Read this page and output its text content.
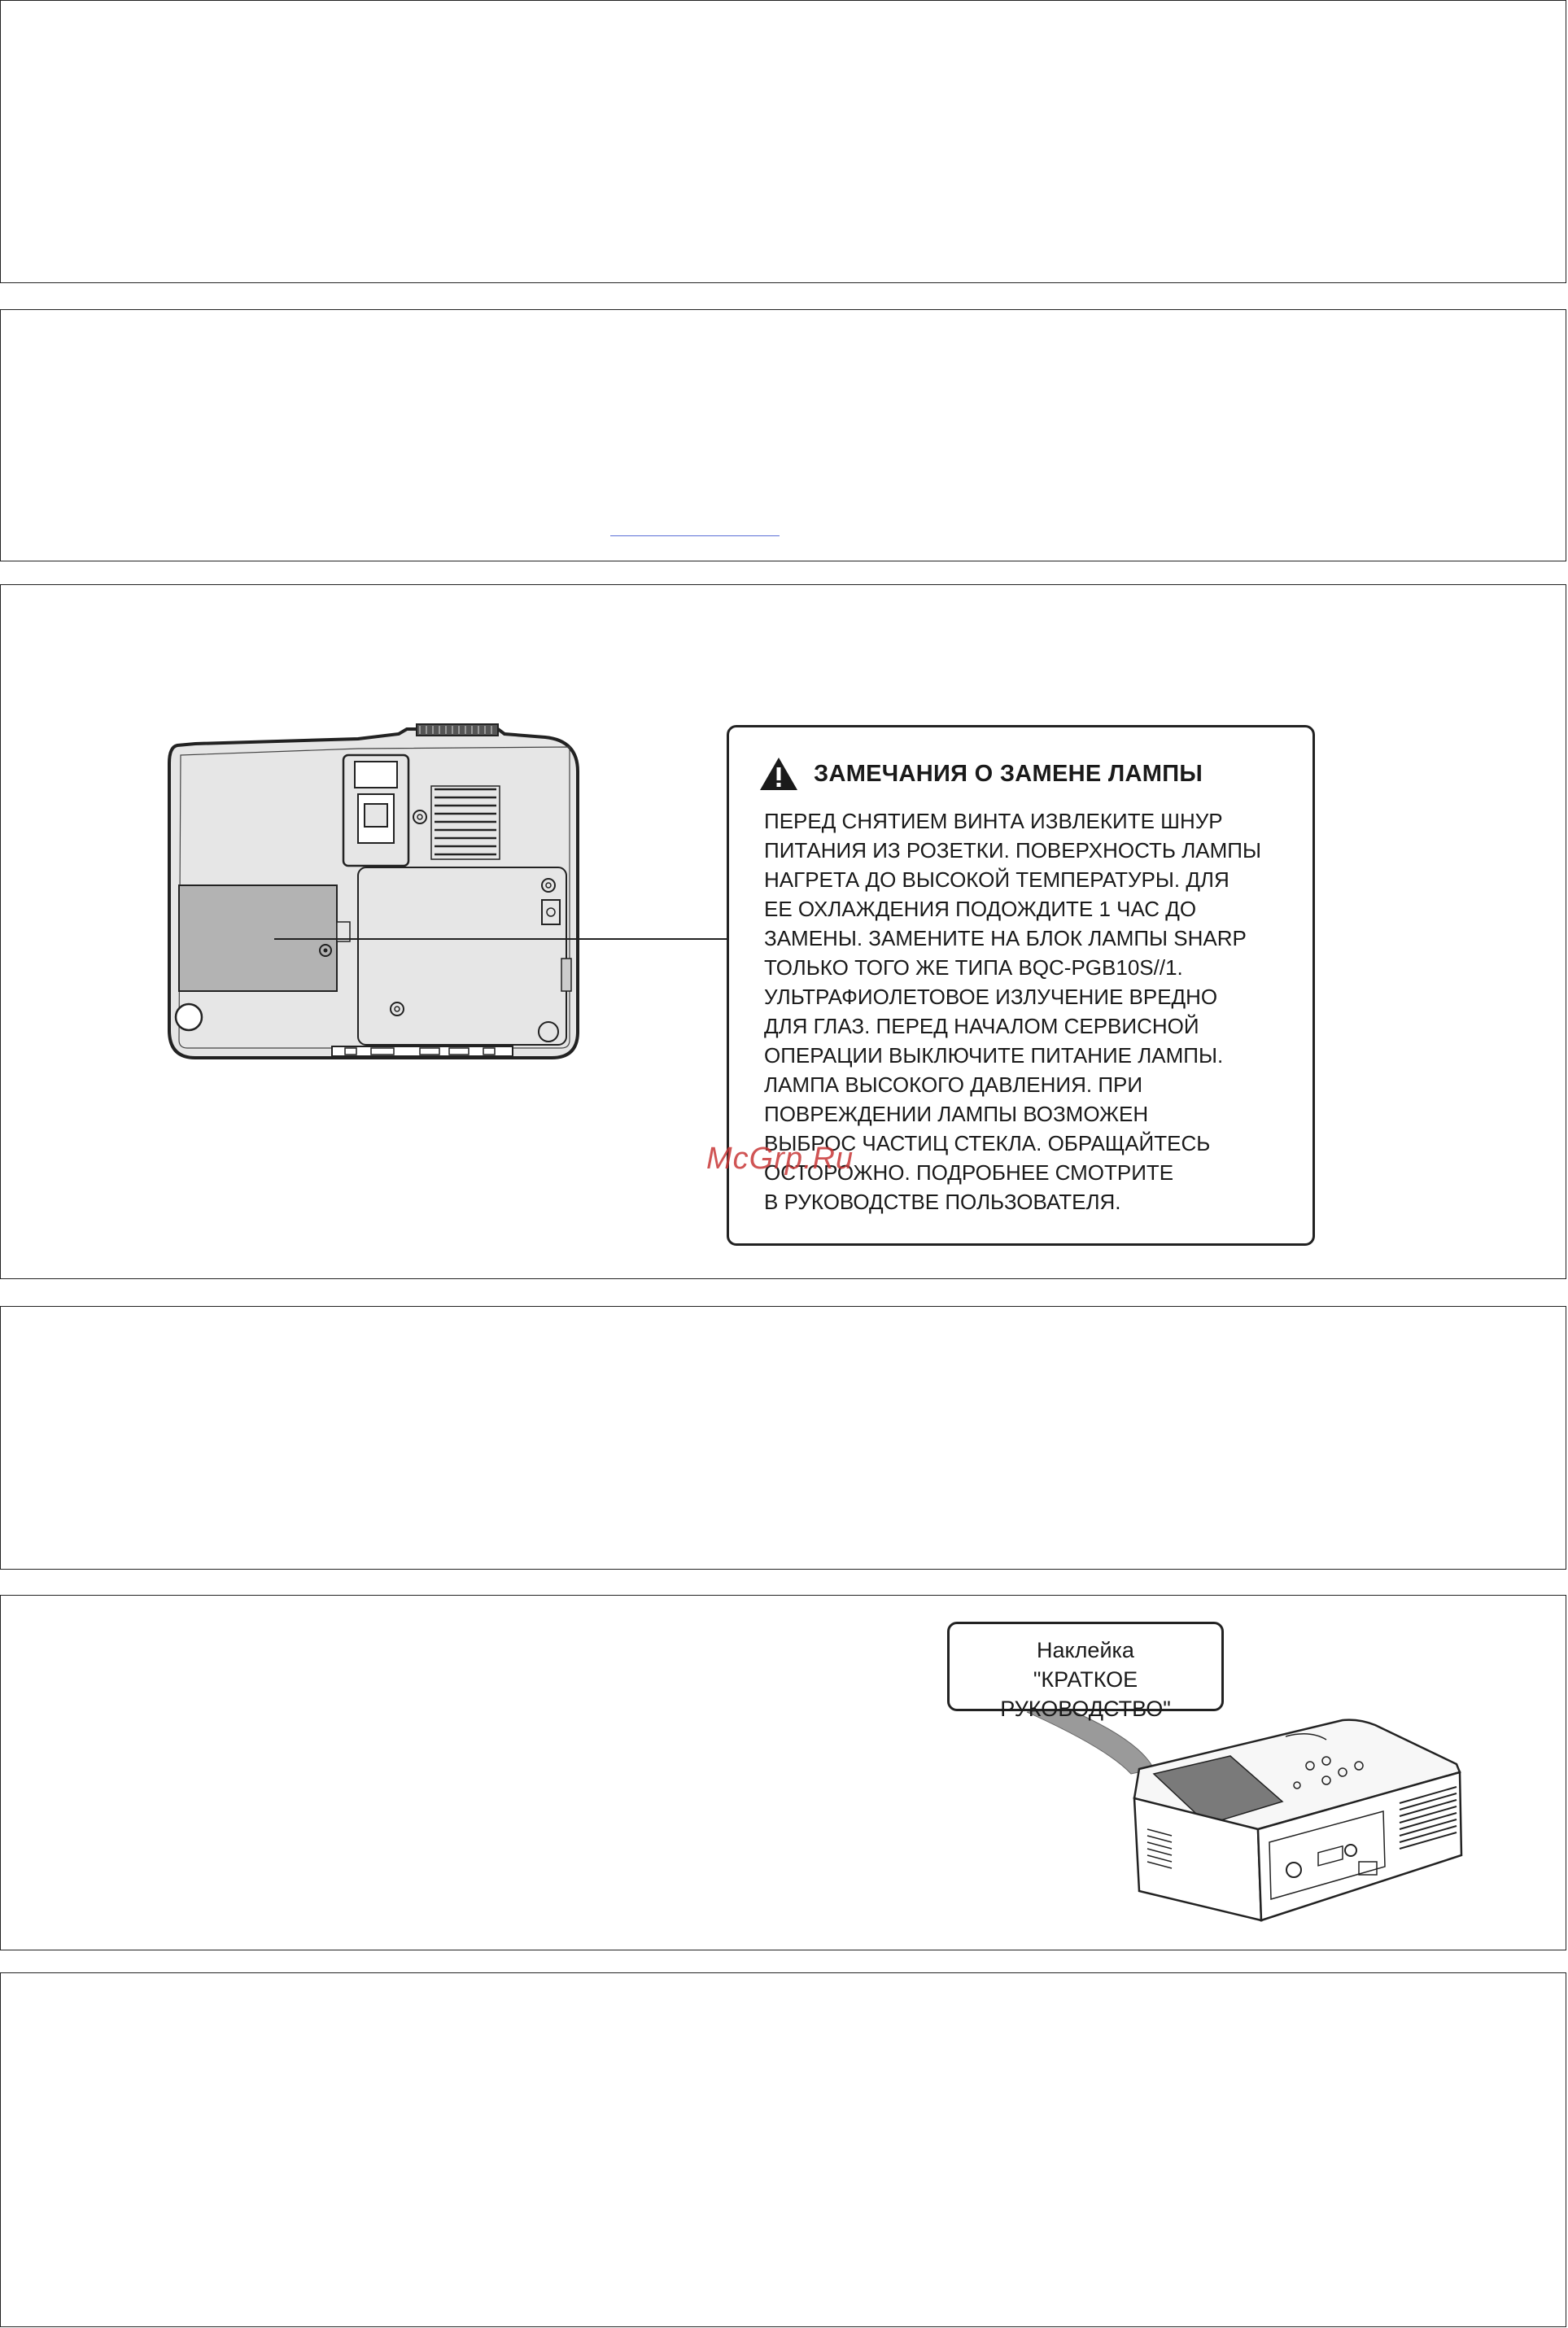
ЗАМЕЧАНИЯ О ЗАМЕНЕ ЛАМПЫ
ПЕРЕД СНЯТИЕМ ВИНТА ИЗВЛЕКИТЕ ШНУР
ПИТАНИЯ ИЗ РОЗЕТКИ. ПОВЕРХНОСТЬ ЛАМПЫ
НАГРЕТА ДО ВЫСОКОЙ ТЕМПЕРАТУРЫ. ДЛЯ
ЕЕ ОХЛАЖДЕНИЯ ПОДОЖДИТЕ 1 ЧАС ДО
ЗАМЕНЫ. ЗАМЕНИТЕ НА БЛОК ЛАМПЫ SHARP
ТОЛЬКО ТОГО ЖЕ ТИПА BQC-PGB10S//1.
УЛЬТРАФИОЛЕТОВОЕ ИЗЛУЧЕНИЕ ВРЕДНО
ДЛЯ ГЛАЗ. ПЕРЕД НАЧАЛОМ СЕРВИСНОЙ
ОПЕРАЦИИ ВЫКЛЮЧИТЕ ПИТАНИЕ ЛАМПЫ.
ЛАМПА ВЫСОКОГО ДАВЛЕНИЯ. ПРИ
ПОВРЕЖДЕНИИ ЛАМПЫ ВОЗМОЖЕН
ВЫБРОС ЧАСТИЦ СТЕКЛА. ОБРАЩАЙТЕСЬ
ОСТОРОЖНО. ПОДРОБНЕЕ СМОТРИТЕ
В РУКОВОДСТВЕ ПОЛЬЗОВАТЕЛЯ.
McGrp.Ru
Наклейка
"КРАТКОЕ РУКОВОДСТВО"
